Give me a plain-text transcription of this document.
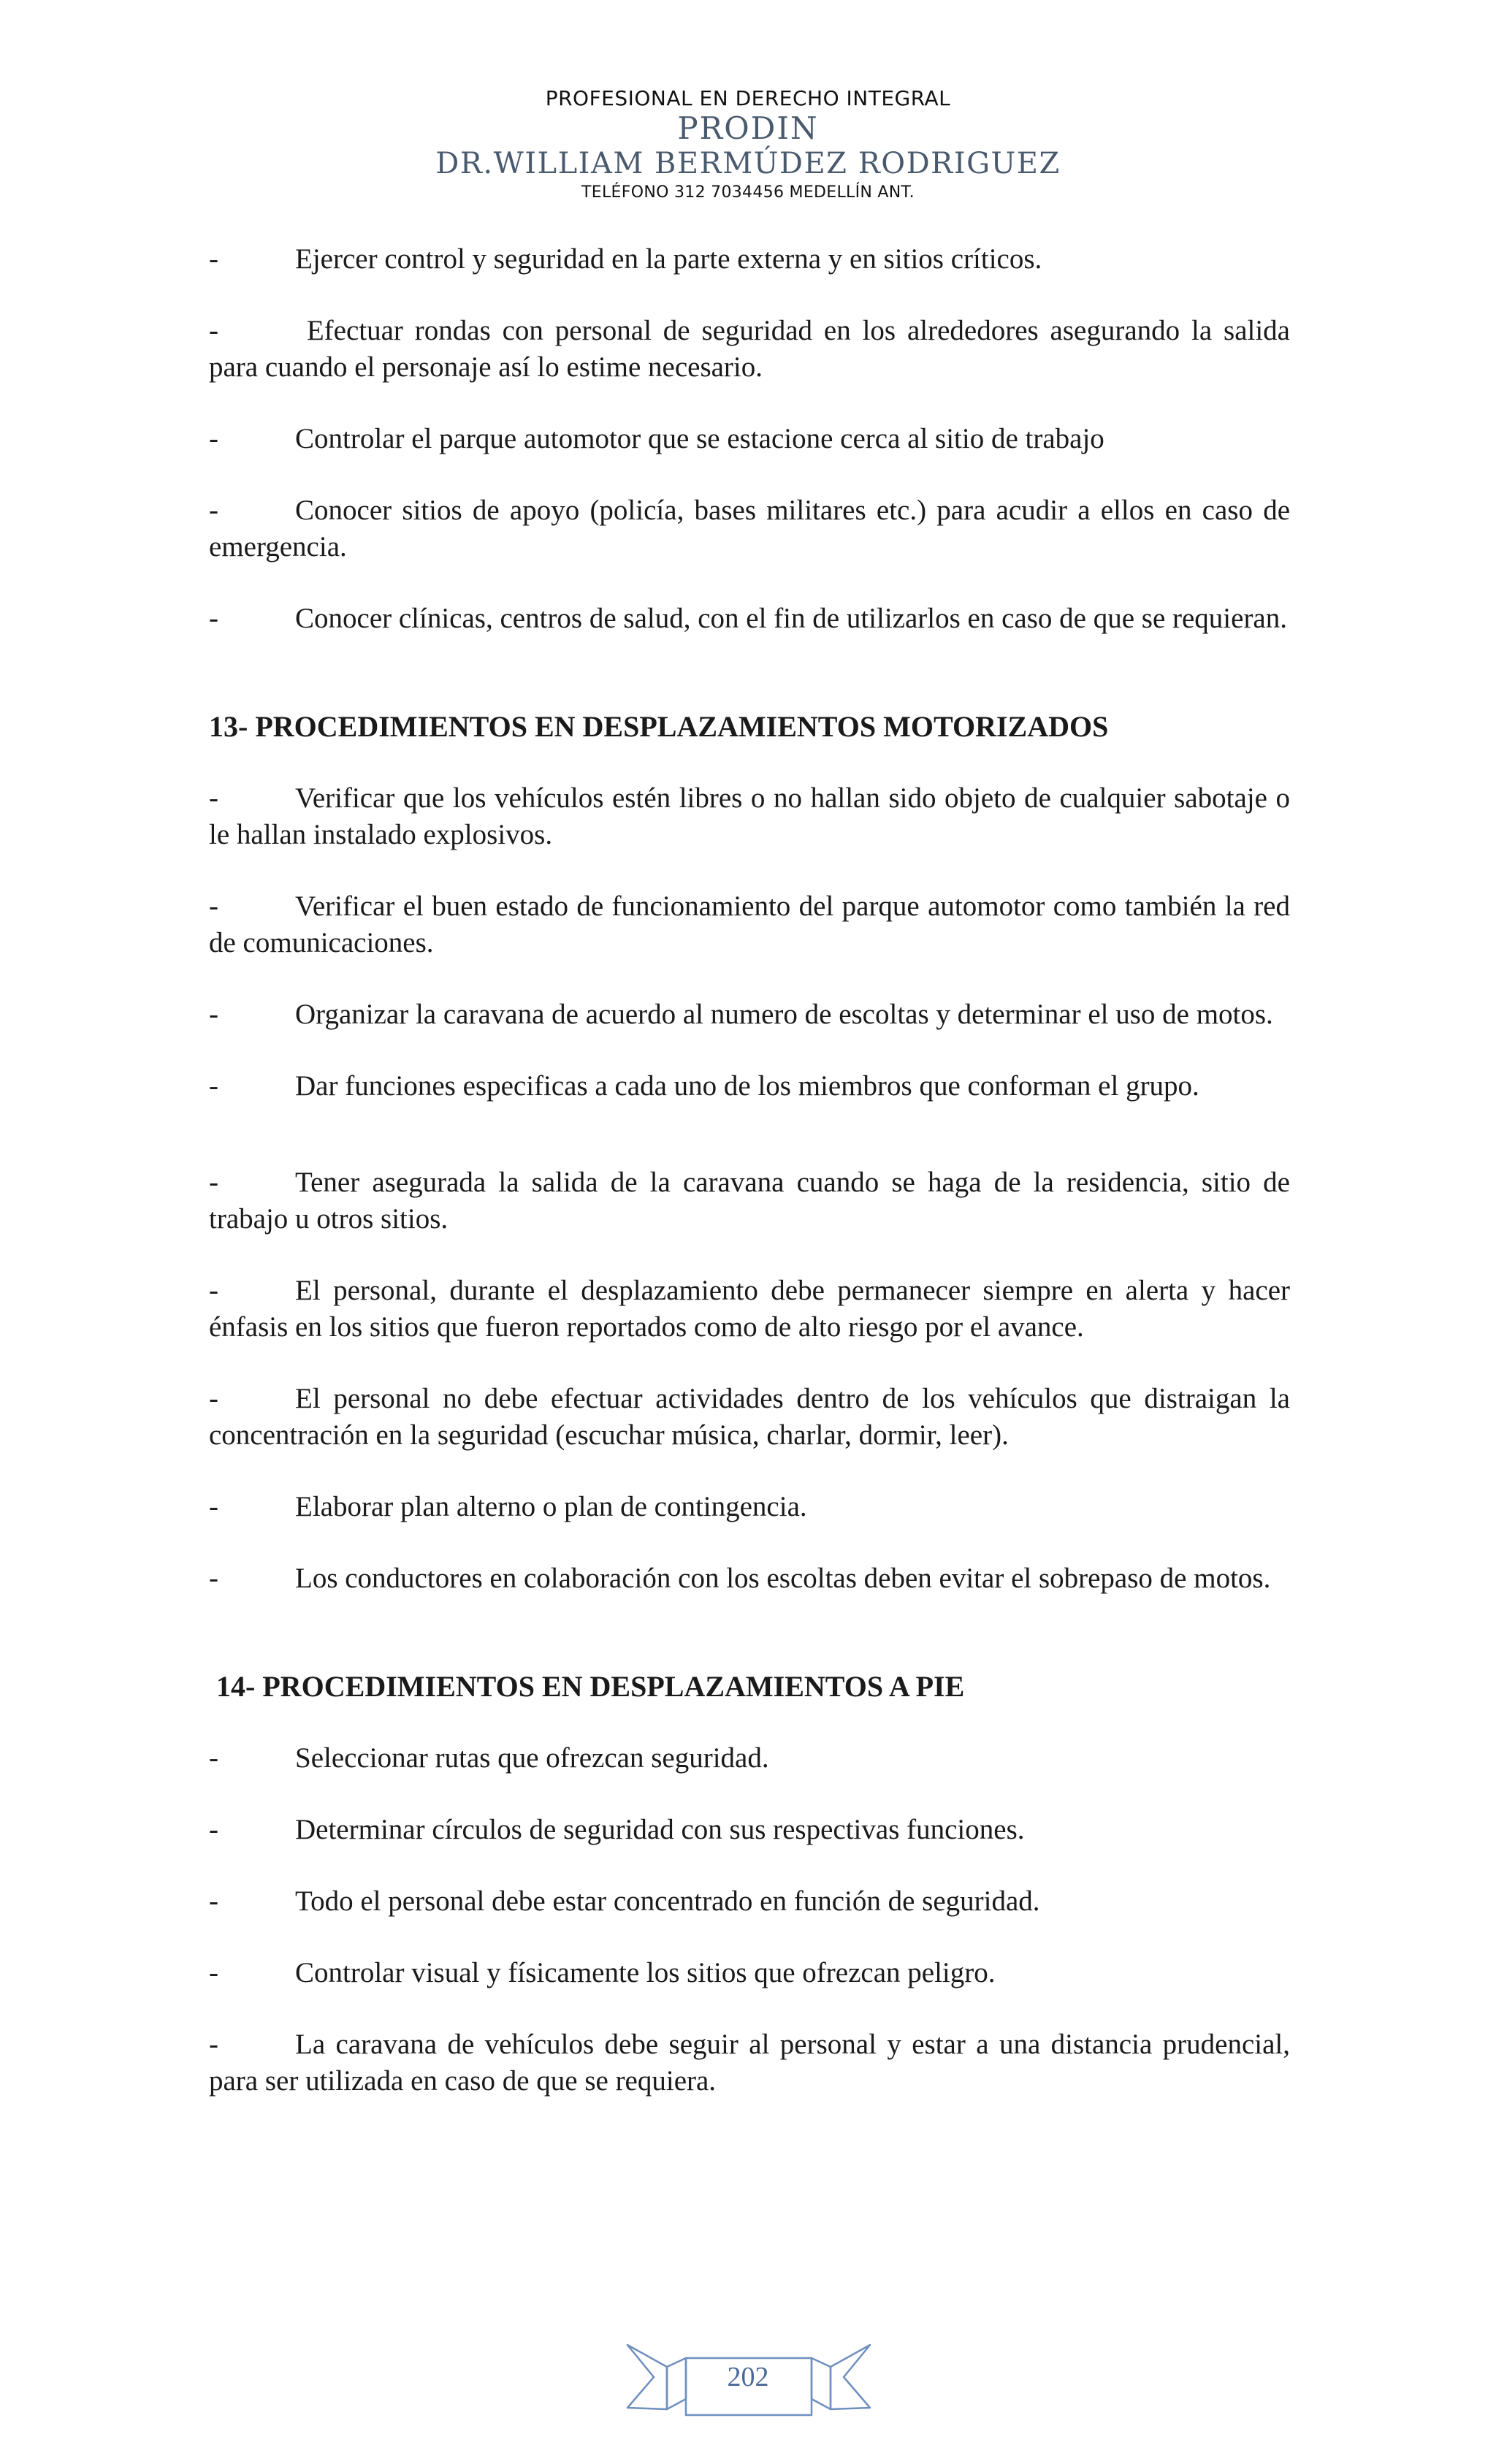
PROFESIONAL EN DERECHO INTEGRAL
PRODIN
DR.WILLIAM BERMÚDEZ RODRIGUEZ
TELÉFONO 312 7034456 MEDELLÍN ANT.

-	Ejercer control y seguridad en la parte externa y en sitios críticos.

-	Efectuar rondas con personal de seguridad en los alrededores asegurando la salida para cuando el personaje así lo estime necesario.

-	Controlar el parque automotor que se estacione cerca al sitio de trabajo

-	Conocer sitios de apoyo (policía, bases militares etc.) para acudir a ellos en caso de emergencia.

-	Conocer clínicas, centros de salud, con el fin de utilizarlos en caso de que se requieran.

13- PROCEDIMIENTOS EN DESPLAZAMIENTOS MOTORIZADOS

-	Verificar que los vehículos estén libres o no hallan sido objeto de cualquier sabotaje o le hallan instalado explosivos.

-	Verificar el buen estado de funcionamiento del parque automotor como también la red de comunicaciones.

-	Organizar la caravana de acuerdo al numero de escoltas y determinar el uso de motos.

-	Dar funciones especificas a cada uno de los miembros que conforman el grupo.

-	Tener asegurada la salida de la caravana cuando se haga de la residencia, sitio de trabajo u otros sitios.

-	El personal, durante el desplazamiento debe permanecer siempre en alerta y hacer énfasis en los sitios que fueron reportados como de alto riesgo por el avance.

-	El personal no debe efectuar actividades dentro de los vehículos que distraigan la concentración en la seguridad (escuchar música, charlar, dormir, leer).

-	Elaborar plan alterno o plan de contingencia.

-	Los conductores en colaboración con los escoltas deben evitar el sobrepaso de motos.

14- PROCEDIMIENTOS EN DESPLAZAMIENTOS A PIE

-	Seleccionar rutas que ofrezcan seguridad.

-	Determinar círculos de seguridad con sus respectivas funciones.

-	Todo el personal debe estar concentrado en función de seguridad.

-	Controlar visual y físicamente los sitios que ofrezcan peligro.

-	La caravana de vehículos debe seguir al personal y estar a una distancia prudencial, para ser utilizada en caso de que se requiera.

202
